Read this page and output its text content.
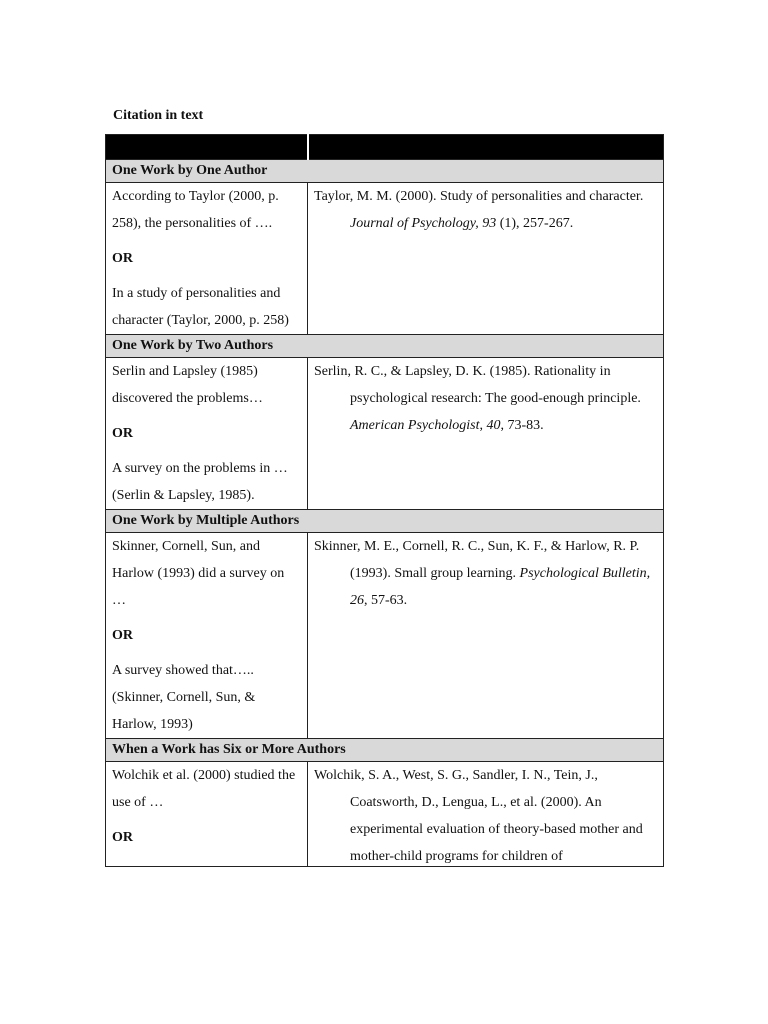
Citation in text

One Work by One Author	

According to Taylor (2000, p. 258), the personalities of ….

OR

In a study of personalities and character (Taylor, 2000, p. 258)	Taylor, M. M. (2000). Study of personalities and character. Journal of Psychology, 93 (1), 257-267.

One Work by Two Authors	

Serlin and Lapsley (1985) discovered the problems…

OR

A survey on the problems in … (Serlin & Lapsley, 1985).	Serlin, R. C., & Lapsley, D. K. (1985). Rationality in psychological research: The good-enough principle. American Psychologist, 40, 73-83.

One Work by Multiple Authors	

Skinner, Cornell, Sun, and Harlow (1993) did a survey on …

OR

A survey showed that….. (Skinner, Cornell, Sun, & Harlow, 1993)	Skinner, M. E., Cornell, R. C., Sun, K. F., & Harlow, R. P. (1993). Small group learning. Psychological Bulletin, 26, 57-63.

When a Work has Six or More Authors	

Wolchik et al. (2000) studied the use of …

OR	Wolchik, S. A., West, S. G., Sandler, I. N., Tein, J., Coatsworth, D., Lengua, L., et al. (2000). An experimental evaluation of theory-based mother and mother-child programs for children of
